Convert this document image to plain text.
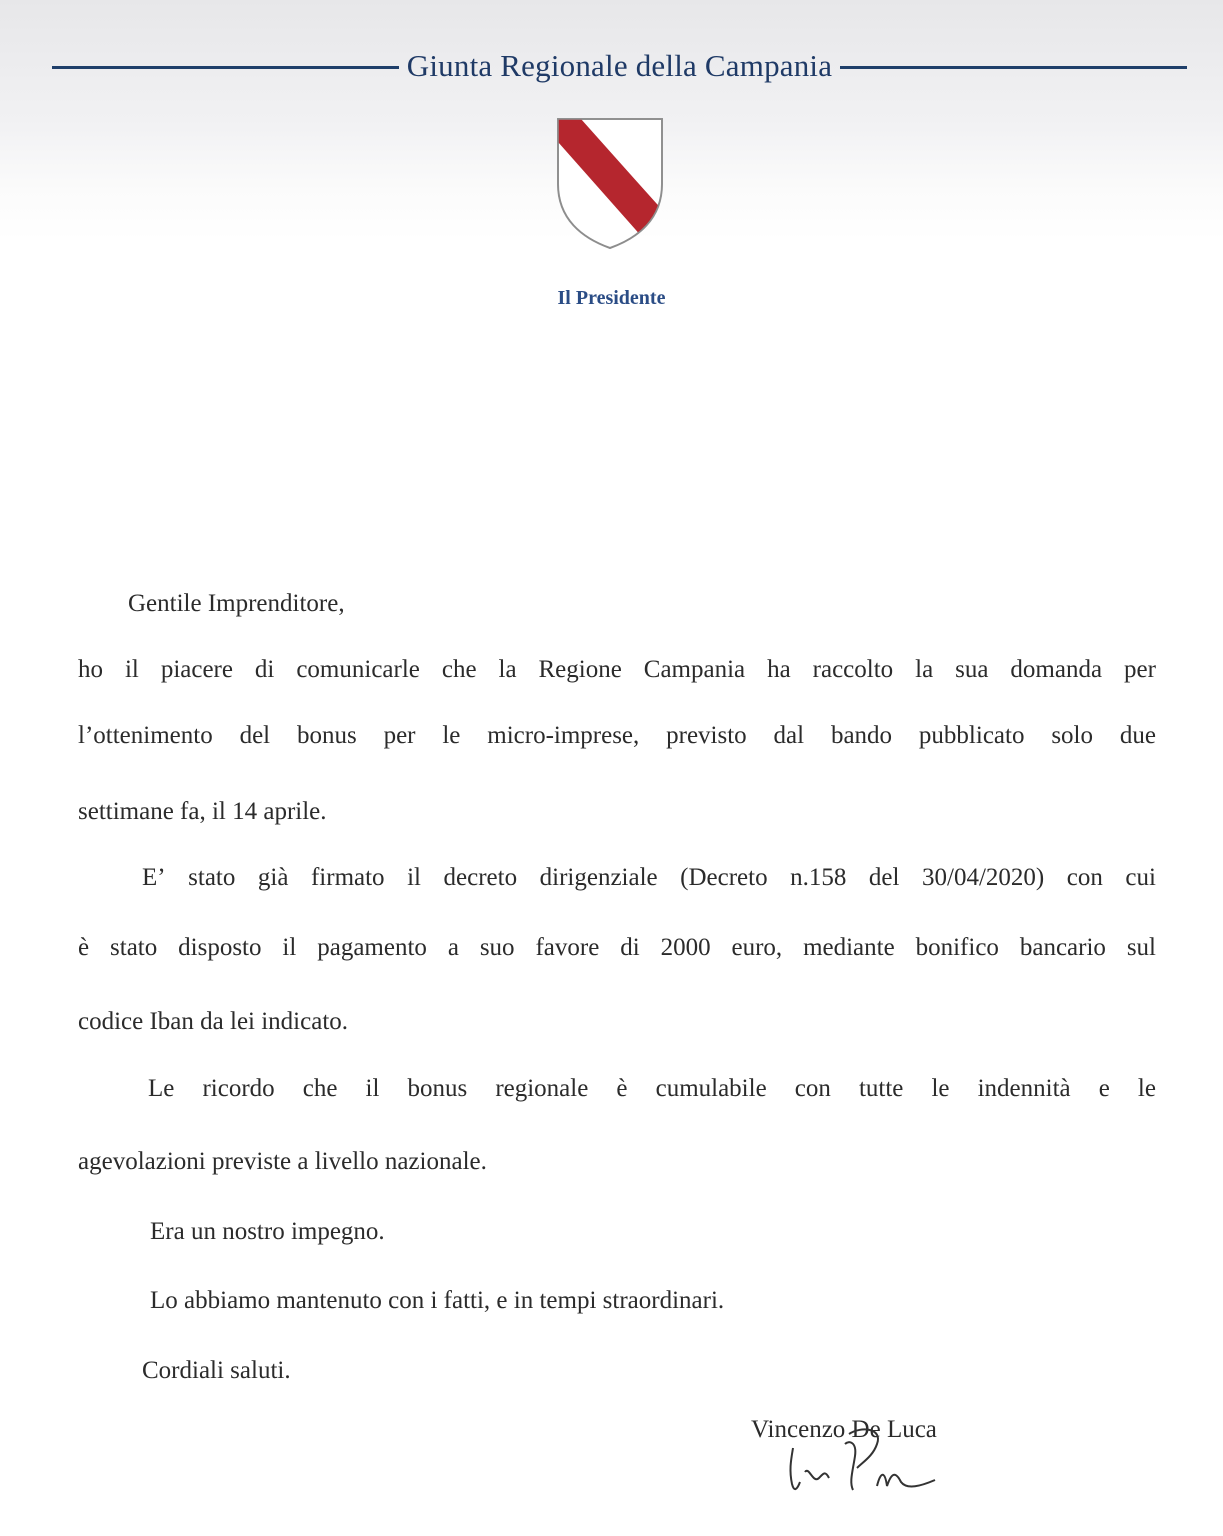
Giunta Regionale della Campania
Il Presidente
Gentile Imprenditore,
ho il piacere di comunicarle che la Regione Campania ha raccolto la sua domanda per
l’ottenimento del bonus per le micro-imprese, previsto dal bando pubblicato solo due
settimane fa, il 14 aprile.
E’ stato già firmato il decreto dirigenziale (Decreto n.158 del 30/04/2020) con cui
è stato disposto il pagamento a suo favore di 2000 euro, mediante bonifico bancario sul
codice Iban da lei indicato.
Le ricordo che il bonus regionale è cumulabile con tutte le indennità e le
agevolazioni previste a livello nazionale.
Era un nostro impegno.
Lo abbiamo mantenuto con i fatti, e in tempi straordinari.
Cordiali saluti.
Vincenzo De Luca
